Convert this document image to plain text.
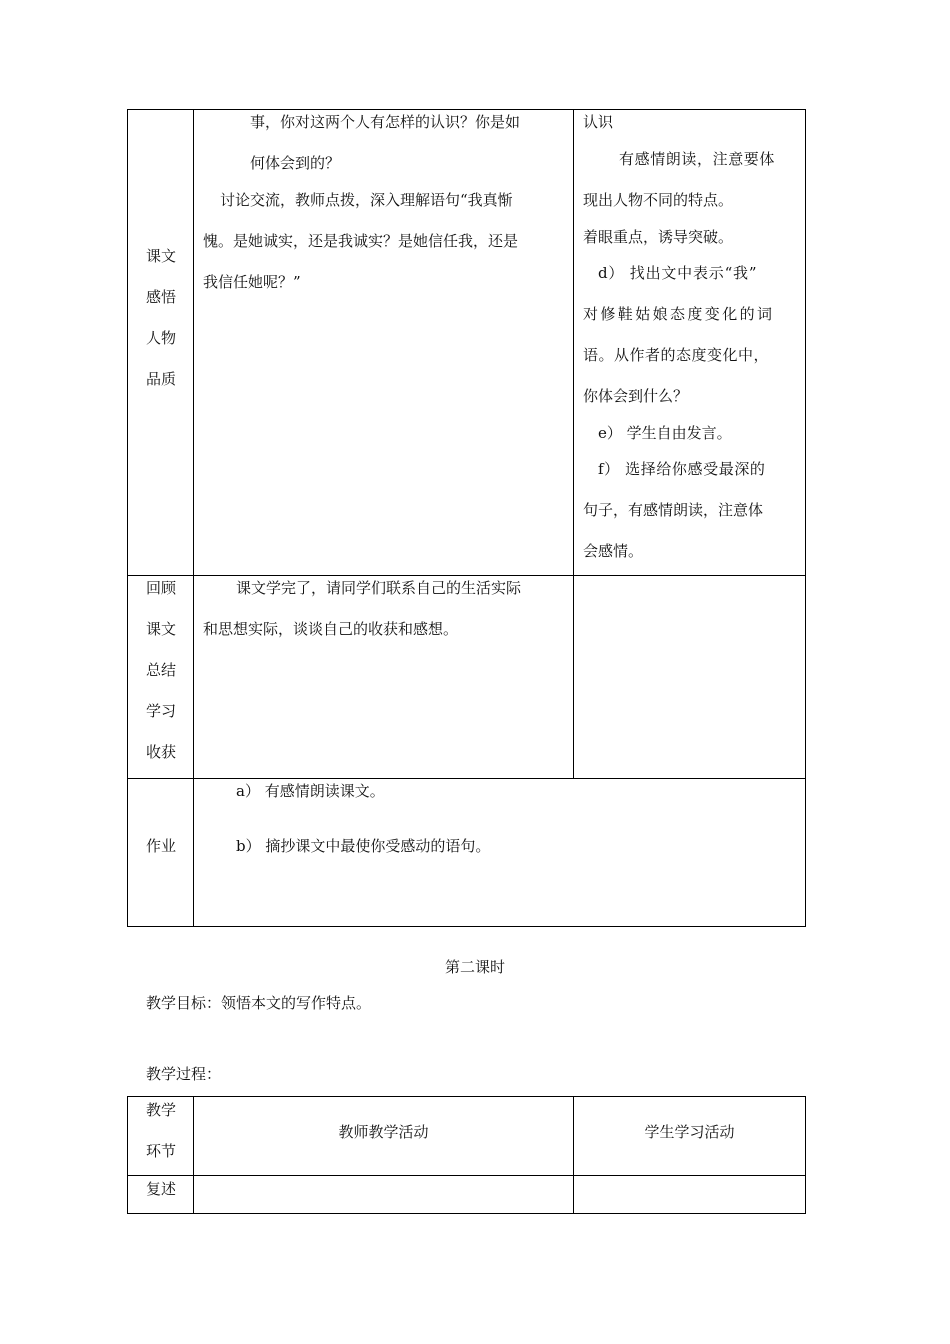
课文
感悟
人物
品质
事，你对这两个人有怎样的认识？你是如
何体会到的？
讨论交流，教师点拨，深入理解语句“我真惭
愧。是她诚实，还是我诚实？是她信任我，还是
我信任她呢？”
认识
有感情朗读，注意要体
现出人物不同的特点。
着眼重点，诱导突破。
d） 找出文中表示“我”
对修鞋姑娘态度变化的词
语。从作者的态度变化中，
你体会到什么？
e） 学生自由发言。
f） 选择给你感受最深的
句子，有感情朗读，注意体
会感情。
回顾
课文
总结
学习
收获
课文学完了，请同学们联系自己的生活实际
和思想实际，谈谈自己的收获和感想。
作业
a） 有感情朗读课文。
b） 摘抄课文中最使你受感动的语句。
第二课时
教学目标：领悟本文的写作特点。
教学过程：
教学
环节
教师教学活动	学生学习活动
复述
